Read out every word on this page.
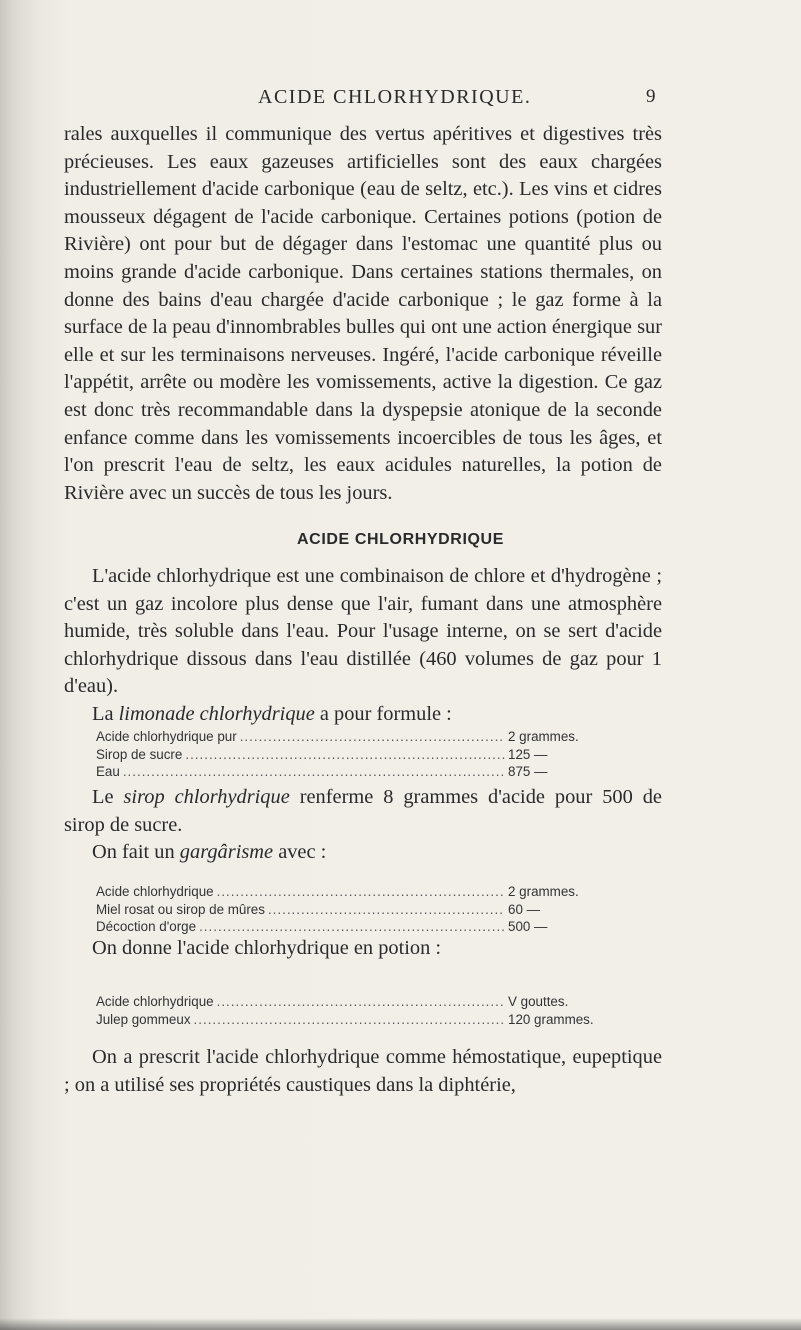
ACIDE CHLORHYDRIQUE.	9

rales auxquelles il communique des vertus apéritives et digestives très précieuses. Les eaux gazeuses artificielles sont des eaux chargées industriellement d'acide carbonique (eau de seltz, etc.). Les vins et cidres mousseux dégagent de l'acide carbonique. Certaines potions (potion de Rivière) ont pour but de dégager dans l'estomac une quantité plus ou moins grande d'acide carbonique. Dans certaines stations thermales, on donne des bains d'eau chargée d'acide carbonique ; le gaz forme à la surface de la peau d'innombrables bulles qui ont une action énergique sur elle et sur les terminaisons nerveuses. Ingéré, l'acide carbonique réveille l'appétit, arrête ou modère les vomissements, active la digestion. Ce gaz est donc très recommandable dans la dyspepsie atonique de la seconde enfance comme dans les vomissements incoercibles de tous les âges, et l'on prescrit l'eau de seltz, les eaux acidules naturelles, la potion de Rivière avec un succès de tous les jours.

ACIDE CHLORHYDRIQUE

L'acide chlorhydrique est une combinaison de chlore et d'hydrogène ; c'est un gaz incolore plus dense que l'air, fumant dans une atmosphère humide, très soluble dans l'eau. Pour l'usage interne, on se sert d'acide chlorhydrique dissous dans l'eau distillée (460 volumes de gaz pour 1 d'eau).

La limonade chlorhydrique a pour formule :

Acide chlorhydrique pur .....	2 grammes.
Sirop de sucre .....	125 —
Eau .....	875 —

Le sirop chlorhydrique renferme 8 grammes d'acide pour 500 de sirop de sucre.

On fait un gargârisme avec :

Acide chlorhydrique .....	2 grammes.
Miel rosat ou sirop de mûres .....	60 —
Décoction d'orge .....	500 —

On donne l'acide chlorhydrique en potion :

Acide chlorhydrique .....	V gouttes.
Julep gommeux .....	120 grammes.

On a prescrit l'acide chlorhydrique comme hémostatique, eupeptique ; on a utilisé ses propriétés caustiques dans la diphtérie,
